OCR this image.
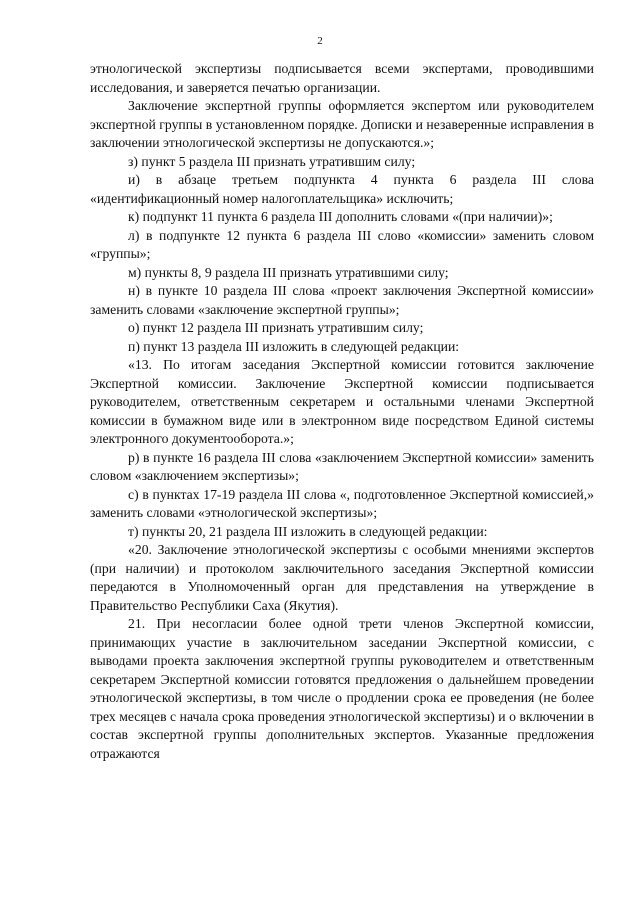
2

этнологической экспертизы подписывается всеми экспертами, проводившими исследования, и заверяется печатью организации.

Заключение экспертной группы оформляется экспертом или руководителем экспертной группы в установленном порядке. Дописки и незаверенные исправления в заключении этнологической экспертизы не допускаются.»;

з) пункт 5 раздела III признать утратившим силу;

и) в абзаце третьем подпункта 4 пункта 6 раздела III слова «идентификационный номер налогоплательщика» исключить;

к) подпункт 11 пункта 6 раздела III дополнить словами «(при наличии)»;

л) в подпункте 12 пункта 6 раздела III слово «комиссии» заменить словом «группы»;

м) пункты 8, 9 раздела III признать утратившими силу;

н) в пункте 10 раздела III слова «проект заключения Экспертной комиссии» заменить словами «заключение экспертной группы»;

о) пункт 12 раздела III признать утратившим силу;

п) пункт 13 раздела III изложить в следующей редакции:

«13. По итогам заседания Экспертной комиссии готовится заключение Экспертной комиссии. Заключение Экспертной комиссии подписывается руководителем, ответственным секретарем и остальными членами Экспертной комиссии в бумажном виде или в электронном виде посредством Единой системы электронного документооборота.»;

р) в пункте 16 раздела III слова «заключением Экспертной комиссии» заменить словом «заключением экспертизы»;

с) в пунктах 17-19 раздела III слова «, подготовленное Экспертной комиссией,» заменить словами «этнологической экспертизы»;

т) пункты 20, 21 раздела III изложить в следующей редакции:

«20. Заключение этнологической экспертизы с особыми мнениями экспертов (при наличии) и протоколом заключительного заседания Экспертной комиссии передаются в Уполномоченный орган для представления на утверждение в Правительство Республики Саха (Якутия).

21. При несогласии более одной трети членов Экспертной комиссии, принимающих участие в заключительном заседании Экспертной комиссии, с выводами проекта заключения экспертной группы руководителем и ответственным секретарем Экспертной комиссии готовятся предложения о дальнейшем проведении этнологической экспертизы, в том числе о продлении срока ее проведения (не более трех месяцев с начала срока проведения этнологической экспертизы) и о включении в состав экспертной группы дополнительных экспертов. Указанные предложения отражаются
